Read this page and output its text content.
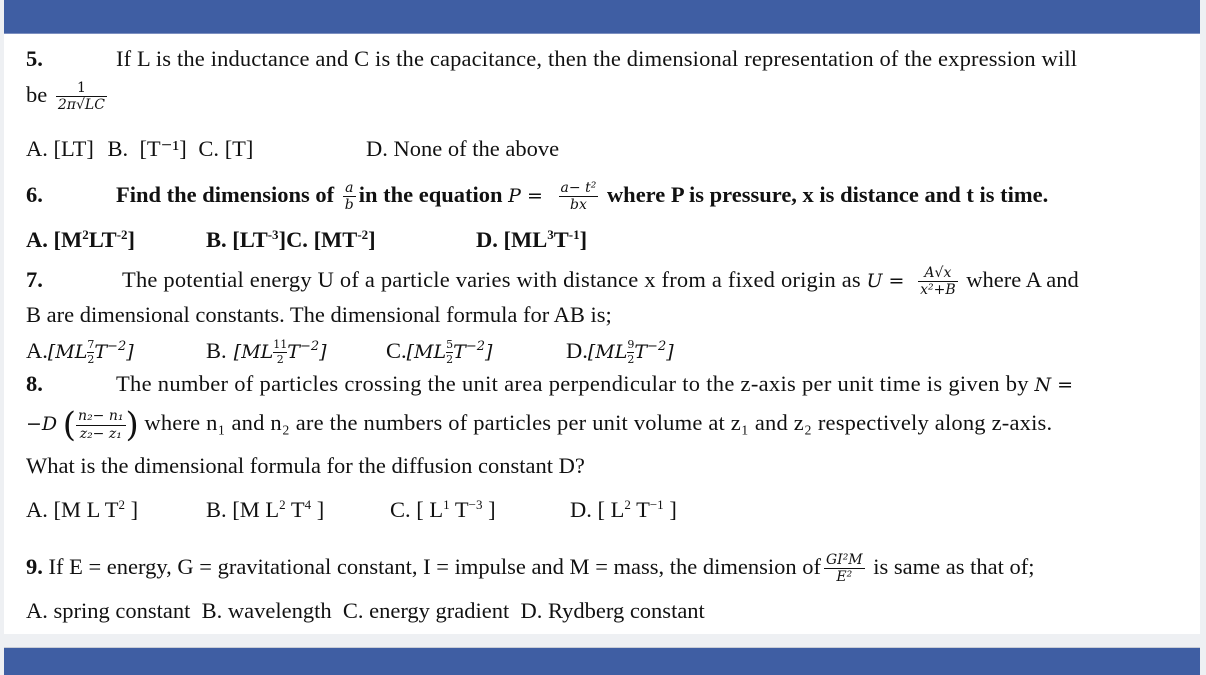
5.	If L is the inductance and C is the capacitance, then the dimensional representation of the expression will
be $\frac{1}{2\pi√LC}$
A. [LT] B. [T⁻¹] C. [T]	D. None of the above
6.	Find the dimensions of $\frac{a}{b}$ in the equation $P = \frac{\text{a− t²}}{bx}$ where P is pressure, x is distance and t is time.
A. $[M^2LT^{-2}]$	B. $[LT^{-3}]C$. $[MT^{-2}]$	D. $[ML^3T^{-1}]$
7.	The potential energy U of a particle varies with distance x from a fixed origin as $U = \frac{A√x}{\text{x²+B}}$ where A and
B are dimensional constants. The dimensional formula for AB is;
$A.[ML \frac{7}{2} T^{-2}]$	B. $[ML \frac{11}{2} T^{-2}]$	$C.[ML \frac{5}{2} T^{-2}]$	$D.[ML \frac{9}{2} T^{-2}]$
8.	The number of particles crossing the unit area perpendicular to the z-axis per unit time is given by N =
−D ( $\frac{\text{n₂− n₁}}{\text{z₂− z₁}}$ ) where n₁ and n₂ are the numbers of particles per unit volume at z₁ and z₂ respectively along z-axis.
What is the dimensional formula for the diffusion constant D?
A. [M L $T^2$ ]	B. [M $L^2$ $T^4$ ]	C. [ $L^1$ $T^{-3}$ ]	D. [ $L^2$ $T^{-1}$ ]
9. If E = energy, G = gravitational constant, I = impulse and M = mass, the dimension of $\frac{\text{GI²M}}{\text{E²}}$ is same as that of;
A. spring constant B. wavelength C. energy gradient D. Rydberg constant
